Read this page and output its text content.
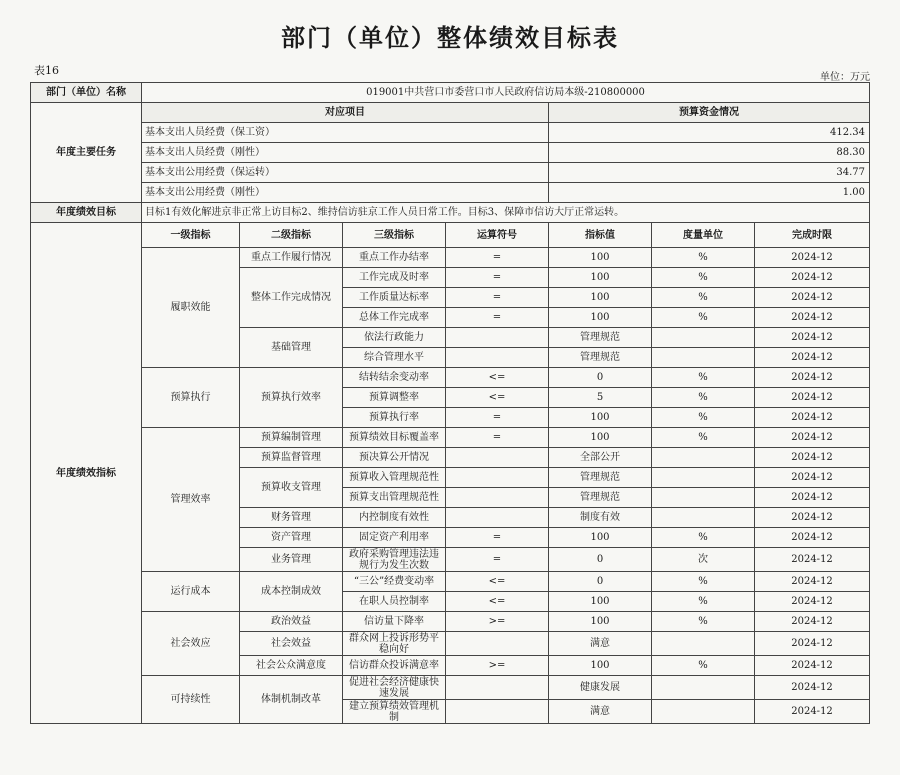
部门（单位）整体绩效目标表
表16
单位：万元
部门（单位）名称	019001中共营口市委营口市人民政府信访局本级-210800000						
年度主要任务	对应项目				预算资金情况		
	基本支出人员经费（保工资）				412.34		
	基本支出人员经费（刚性）				88.30		
	基本支出公用经费（保运转）				34.77		
	基本支出公用经费（刚性）				1.00		
年度绩效目标	目标1有效化解进京非正常上访目标2、维持信访驻京工作人员日常工作。目标3、保障市信访大厅正常运转。						
年度绩效指标	一级指标	二级指标	三级指标	运算符号	指标值	度量单位	完成时限
	履职效能	重点工作履行情况	重点工作办结率	=	100	%	2024-12
		整体工作完成情况	工作完成及时率	=	100	%	2024-12
			工作质量达标率	=	100	%	2024-12
			总体工作完成率	=	100	%	2024-12
		基础管理	依法行政能力		管理规范		2024-12
			综合管理水平		管理规范		2024-12
	预算执行	预算执行效率	结转结余变动率	<=	0	%	2024-12
			预算调整率	<=	5	%	2024-12
			预算执行率	=	100	%	2024-12
	管理效率	预算编制管理	预算绩效目标覆盖率	=	100	%	2024-12
		预算监督管理	预决算公开情况		全部公开		2024-12
		预算收支管理	预算收入管理规范性		管理规范		2024-12
			预算支出管理规范性		管理规范		2024-12
		财务管理	内控制度有效性		制度有效		2024-12
		资产管理	固定资产利用率	=	100	%	2024-12
		业务管理	政府采购管理违法违规行为发生次数	=	0	次	2024-12
	运行成本	成本控制成效	“三公”经费变动率	<=	0	%	2024-12
			在职人员控制率	<=	100	%	2024-12
	社会效应	政治效益	信访量下降率	>=	100	%	2024-12
		社会效益	群众网上投诉形势平稳向好		满意		2024-12
		社会公众满意度	信访群众投诉满意率	>=	100	%	2024-12
	可持续性	体制机制改革	促进社会经济健康快速发展		健康发展		2024-12
			建立预算绩效管理机制		满意		2024-12
